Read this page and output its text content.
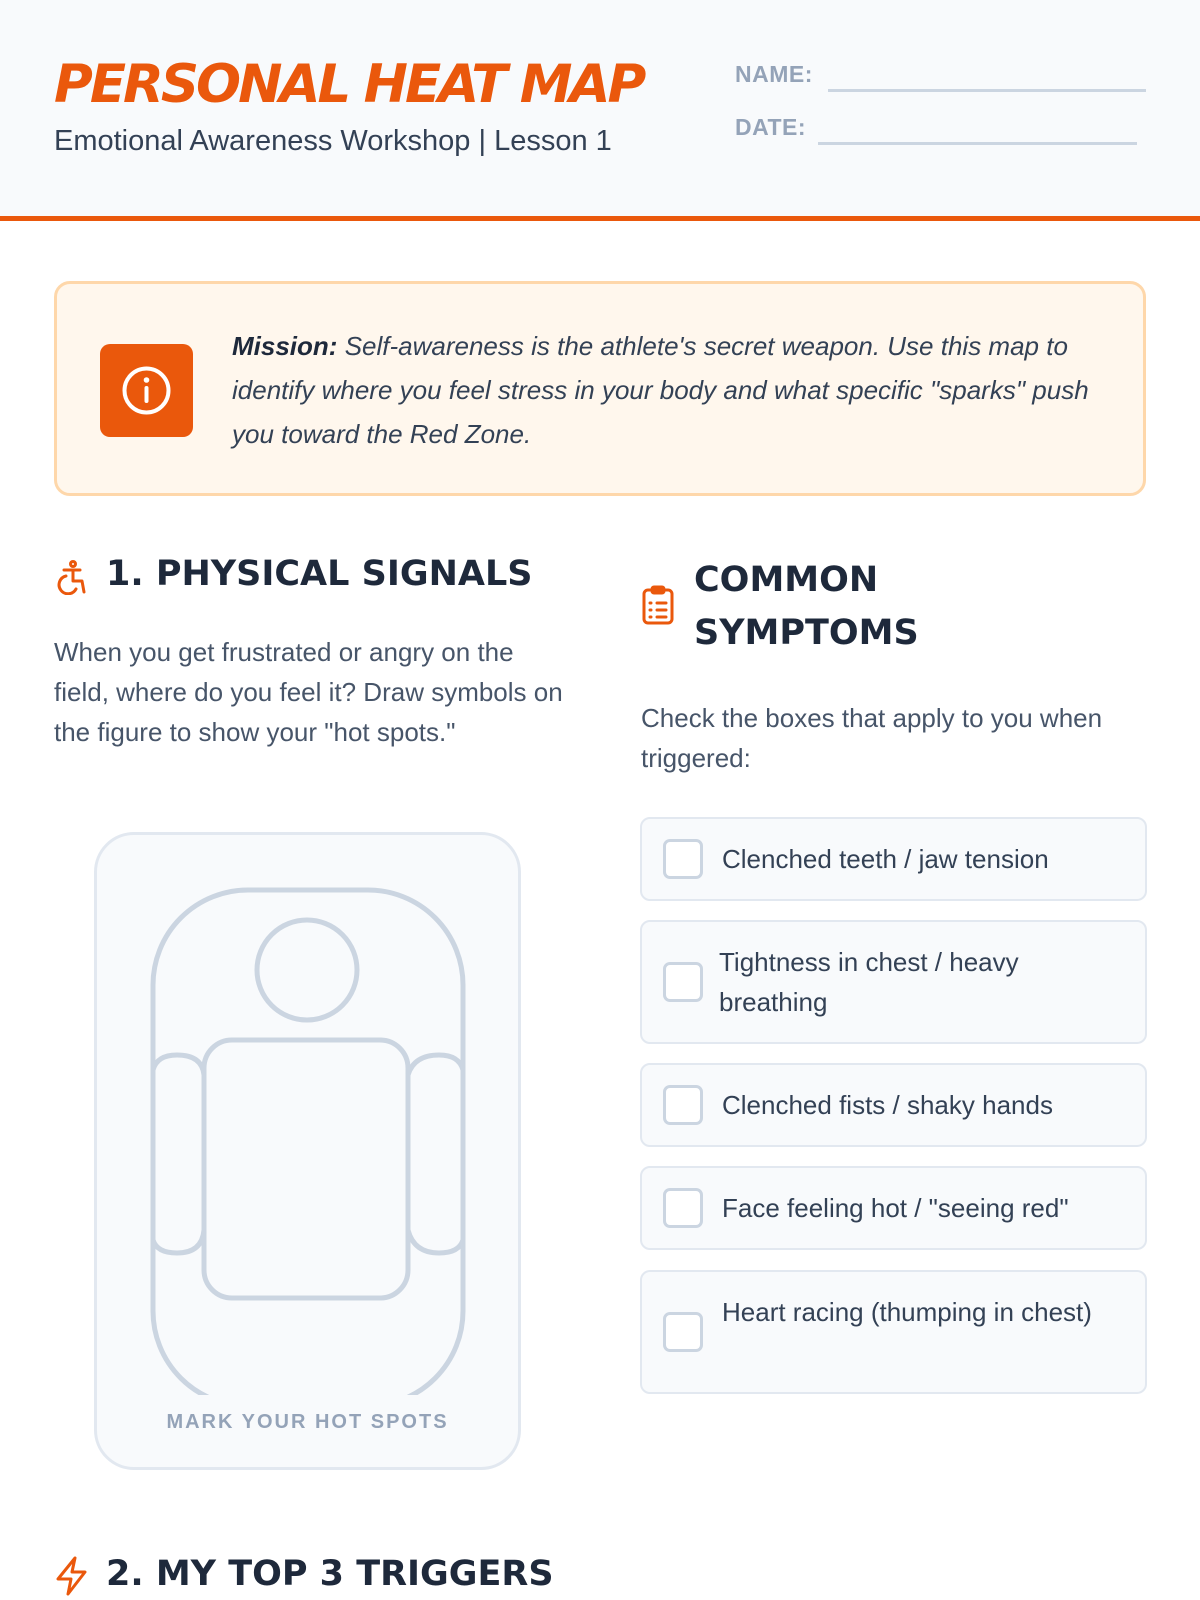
PERSONAL HEAT MAP
Emotional Awareness Workshop | Lesson 1
NAME:
DATE:
Mission: Self-awareness is the athlete's secret weapon. Use this map to identify where you feel stress in your body and what specific "sparks" push you toward the Red Zone.
1. PHYSICAL SIGNALS
When you get frustrated or angry on the field, where do you feel it? Draw symbols on the figure to show your "hot spots."
MARK YOUR HOT SPOTS
COMMON
SYMPTOMS
Check the boxes that apply to you when triggered:
Clenched teeth / jaw tension
Tightness in chest / heavy breathing
Clenched fists / shaky hands
Face feeling hot / "seeing red"
Heart racing (thumping in chest)
2. MY TOP 3 TRIGGERS
